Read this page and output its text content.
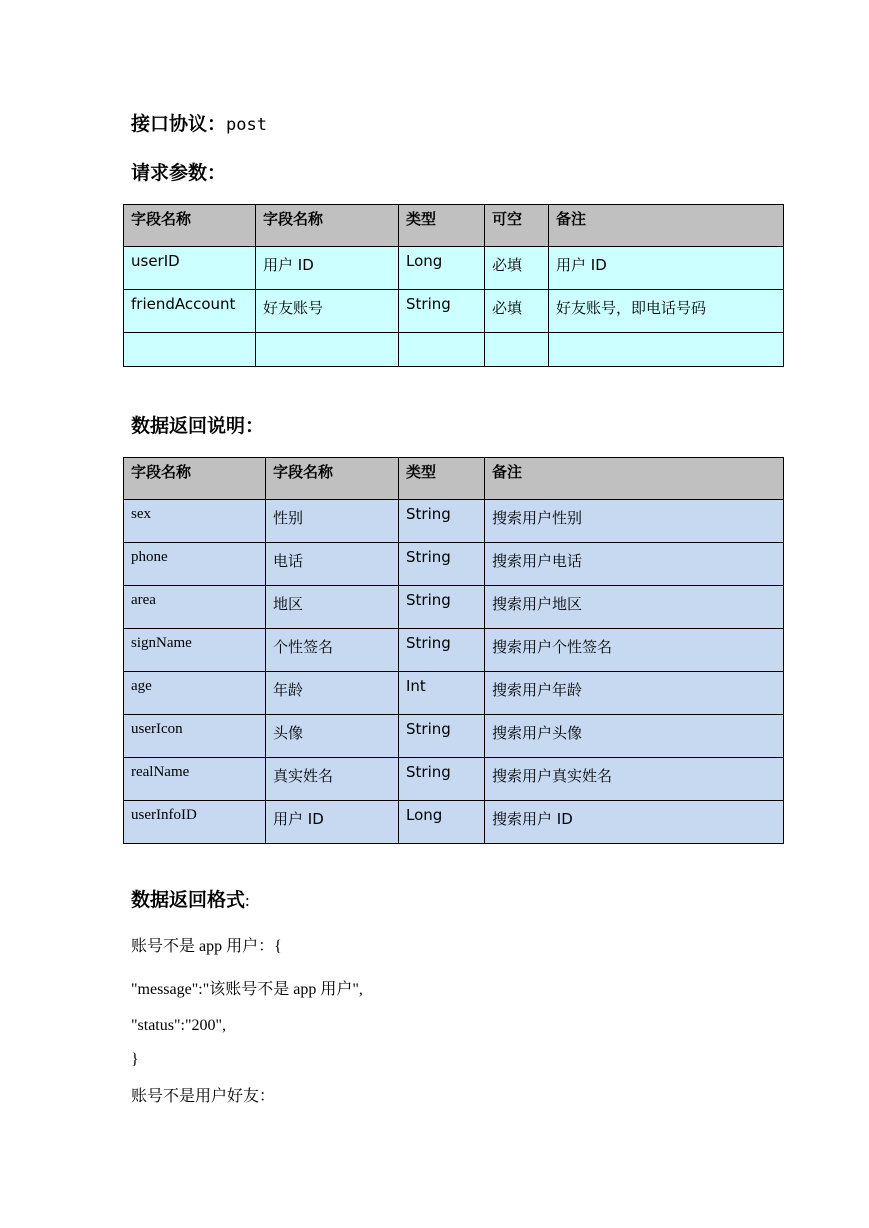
接口协议：post
请求参数：
字段名称	字段名称	类型	可空	备注
userID	用户 ID	Long	必填	用户 ID
friendAccount	好友账号	String	必填	好友账号，即电话号码

数据返回说明：
字段名称	字段名称	类型	备注
sex	性别	String	搜索用户性别
phone	电话	String	搜索用户电话
area	地区	String	搜索用户地区
signName	个性签名	String	搜索用户个性签名
age	年龄	Int	搜索用户年龄
userIcon	头像	String	搜索用户头像
realName	真实姓名	String	搜索用户真实姓名
userInfoID	用户 ID	Long	搜索用户 ID
数据返回格式:
账号不是 app 用户：{
"message":"该账号不是 app 用户",
"status":"200",
}
账号不是用户好友：
